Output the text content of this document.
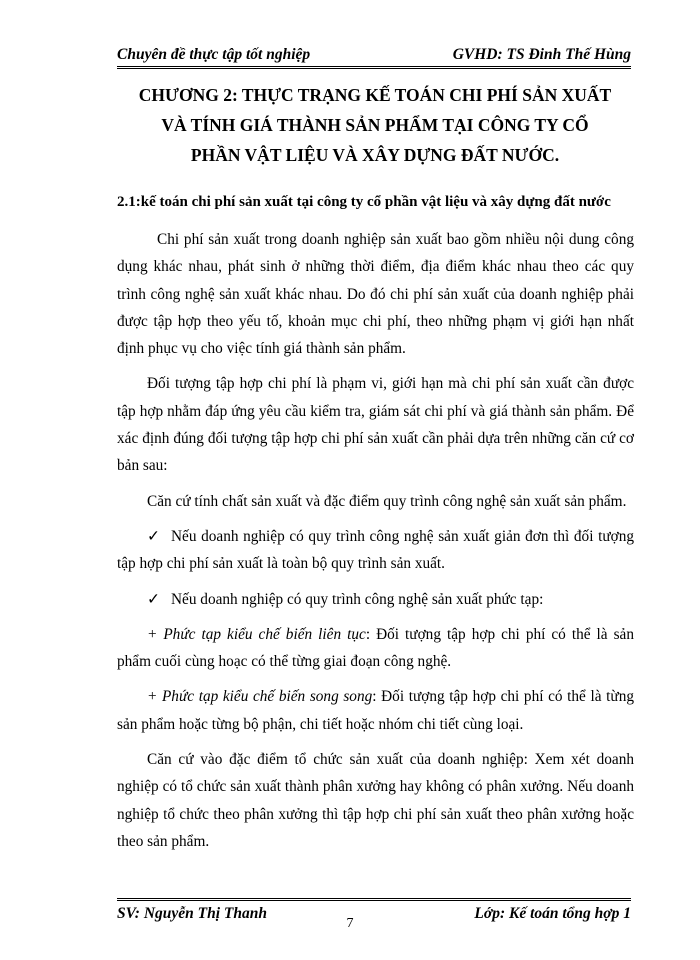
Chuyên đề thực tập tốt nghiệp	GVHD: TS Đinh Thế Hùng
CHƯƠNG 2: THỰC TRẠNG KẾ TOÁN CHI PHÍ SẢN XUẤT
VÀ TÍNH GIÁ THÀNH SẢN PHẨM TẠI CÔNG TY CỔ
PHẦN VẬT LIỆU VÀ XÂY DỰNG ĐẤT NƯỚC.
2.1:kế toán chi phí sản xuất tại công ty cổ phần vật liệu và xây dựng đất nước

Chi phí sản xuất trong doanh nghiệp sản xuất bao gồm nhiều nội dung công dụng khác nhau, phát sinh ở những thời điểm, địa điểm khác nhau theo các quy trình công nghệ sản xuất khác nhau. Do đó chi phí sản xuất của doanh nghiệp phải được tập hợp theo yếu tố, khoản mục chi phí, theo những phạm vị giới hạn nhất định phục vụ cho việc tính giá thành sản phẩm.

Đối tượng tập hợp chi phí là phạm vi, giới hạn mà chi phí sản xuất cần được tập hợp nhằm đáp ứng yêu cầu kiểm tra, giám sát chi phí và giá thành sản phẩm. Để xác định đúng đối tượng tập hợp chi phí sản xuất cần phải dựa trên những căn cứ cơ bản sau:

Căn cứ tính chất sản xuất và đặc điểm quy trình công nghệ sản xuất sản phẩm.

✓ Nếu doanh nghiệp có quy trình công nghệ sản xuất giản đơn thì đối tượng tập hợp chi phí sản xuất là toàn bộ quy trình sản xuất.

✓ Nếu doanh nghiệp có quy trình công nghệ sản xuất phức tạp:

+ Phức tạp kiểu chế biến liên tục: Đối tượng tập hợp chi phí có thể là sản phẩm cuối cùng hoạc có thể từng giai đoạn công nghệ.

+ Phức tạp kiểu chế biến song song: Đối tượng tập hợp chi phí có thể là từng sản phẩm hoặc từng bộ phận, chi tiết hoặc nhóm chi tiết cùng loại.

Căn cứ vào đặc điểm tổ chức sản xuất của doanh nghiệp: Xem xét doanh nghiệp có tổ chức sản xuất thành phân xưởng hay không có phân xưởng. Nếu doanh nghiệp tổ chức theo phân xưởng thì tập hợp chi phí sản xuất theo phân xưởng hoặc theo sản phẩm.

SV: Nguyễn Thị Thanh	Lớp: Kế toán tổng hợp 1
7
